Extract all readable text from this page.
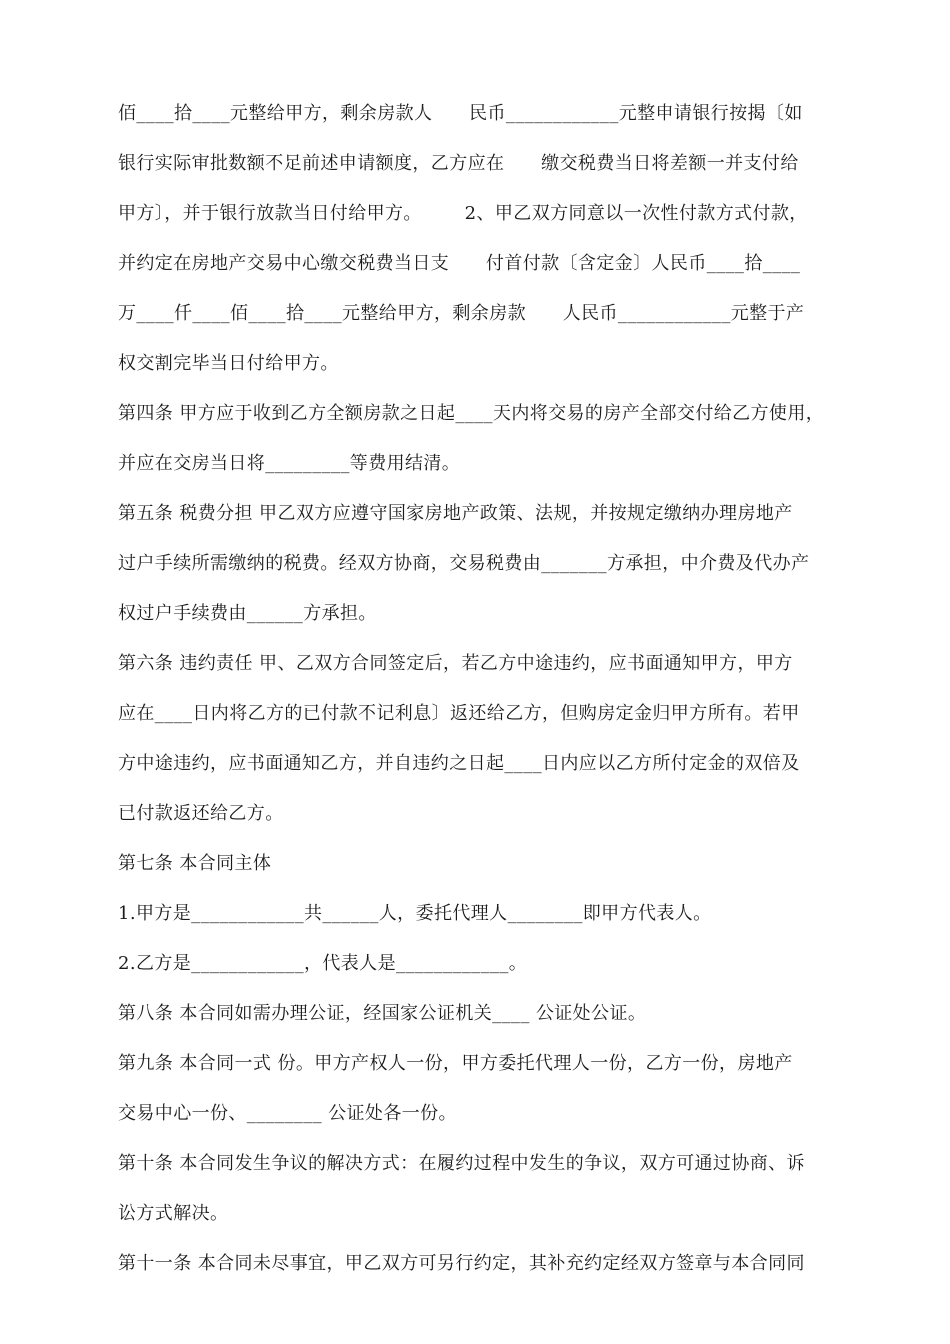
佰____拾____元整给甲方，剩余房款人      民币____________元整申请银行按揭〔如
银行实际审批数额不足前述申请额度，乙方应在      缴交税费当日将差额一并支付给
甲方〕，并于银行放款当日付给甲方。       2、甲乙双方同意以一次性付款方式付款，
并约定在房地产交易中心缴交税费当日支      付首付款〔含定金〕人民币____拾____
万____仟____佰____拾____元整给甲方，剩余房款      人民币____________元整于产
权交割完毕当日付给甲方。
第四条 甲方应于收到乙方全额房款之日起____天内将交易的房产全部交付给乙方使用，
并应在交房当日将_________等费用结清。
第五条 税费分担 甲乙双方应遵守国家房地产政策、法规，并按规定缴纳办理房地产
过户手续所需缴纳的税费。经双方协商，交易税费由_______方承担，中介费及代办产
权过户手续费由______方承担。
第六条 违约责任 甲、乙双方合同签定后，若乙方中途违约，应书面通知甲方，甲方
应在____日内将乙方的已付款不记利息〕返还给乙方，但购房定金归甲方所有。若甲
方中途违约，应书面通知乙方，并自违约之日起____日内应以乙方所付定金的双倍及
已付款返还给乙方。
第七条 本合同主体
1.甲方是____________共______人，委托代理人________即甲方代表人。
2.乙方是____________，代表人是____________。
第八条 本合同如需办理公证，经国家公证机关____ 公证处公证。
第九条 本合同一式 份。甲方产权人一份，甲方委托代理人一份，乙方一份，房地产
交易中心一份、________ 公证处各一份。
第十条 本合同发生争议的解决方式：在履约过程中发生的争议，双方可通过协商、诉
讼方式解决。
第十一条 本合同未尽事宜，甲乙双方可另行约定，其补充约定经双方签章与本合同同
